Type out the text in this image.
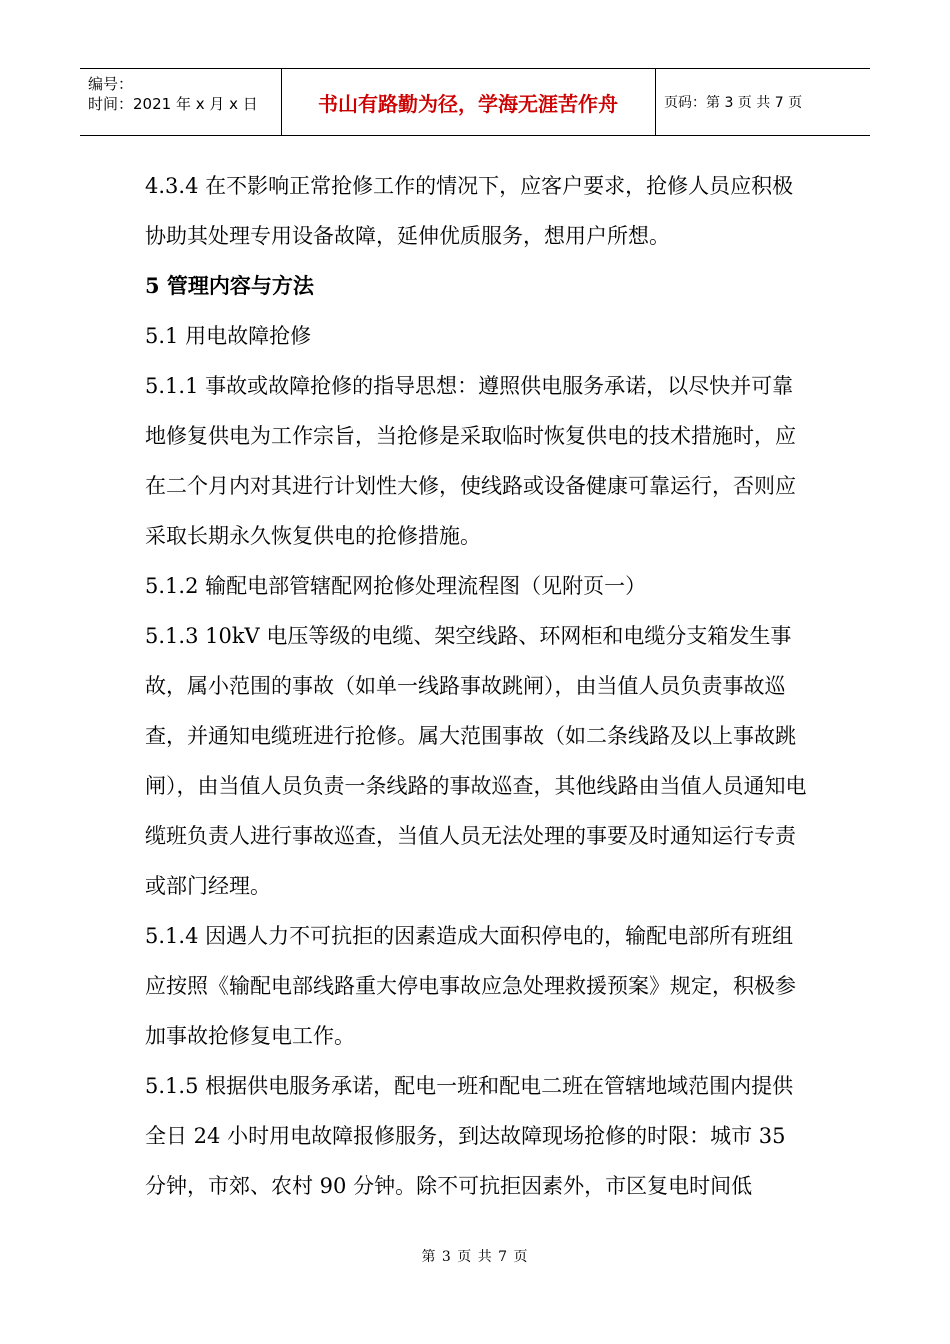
编号：
时间：2021 年 x 月 x 日	书山有路勤为径，学海无涯苦作舟	页码：第 3 页 共 7 页

4.3.4 在不影响正常抢修工作的情况下，应客户要求，抢修人员应积极协助其处理专用设备故障，延伸优质服务，想用户所想。

5 管理内容与方法

5.1 用电故障抢修

5.1.1 事故或故障抢修的指导思想：遵照供电服务承诺，以尽快并可靠地修复供电为工作宗旨，当抢修是采取临时恢复供电的技术措施时，应在二个月内对其进行计划性大修，使线路或设备健康可靠运行，否则应采取长期永久恢复供电的抢修措施。

5.1.2 输配电部管辖配网抢修处理流程图（见附页一）

5.1.3 10kV 电压等级的电缆、架空线路、环网柜和电缆分支箱发生事故，属小范围的事故（如单一线路事故跳闸），由当值人员负责事故巡查，并通知电缆班进行抢修。属大范围事故（如二条线路及以上事故跳闸），由当值人员负责一条线路的事故巡查，其他线路由当值人员通知电缆班负责人进行事故巡查，当值人员无法处理的事要及时通知运行专责或部门经理。

5.1.4 因遇人力不可抗拒的因素造成大面积停电的，输配电部所有班组应按照《输配电部线路重大停电事故应急处理救援预案》规定，积极参加事故抢修复电工作。

5.1.5 根据供电服务承诺，配电一班和配电二班在管辖地域范围内提供全日 24 小时用电故障报修服务，到达故障现场抢修的时限：城市 35 分钟，市郊、农村 90 分钟。除不可抗拒因素外，市区复电时间低

第 3 页 共 7 页
